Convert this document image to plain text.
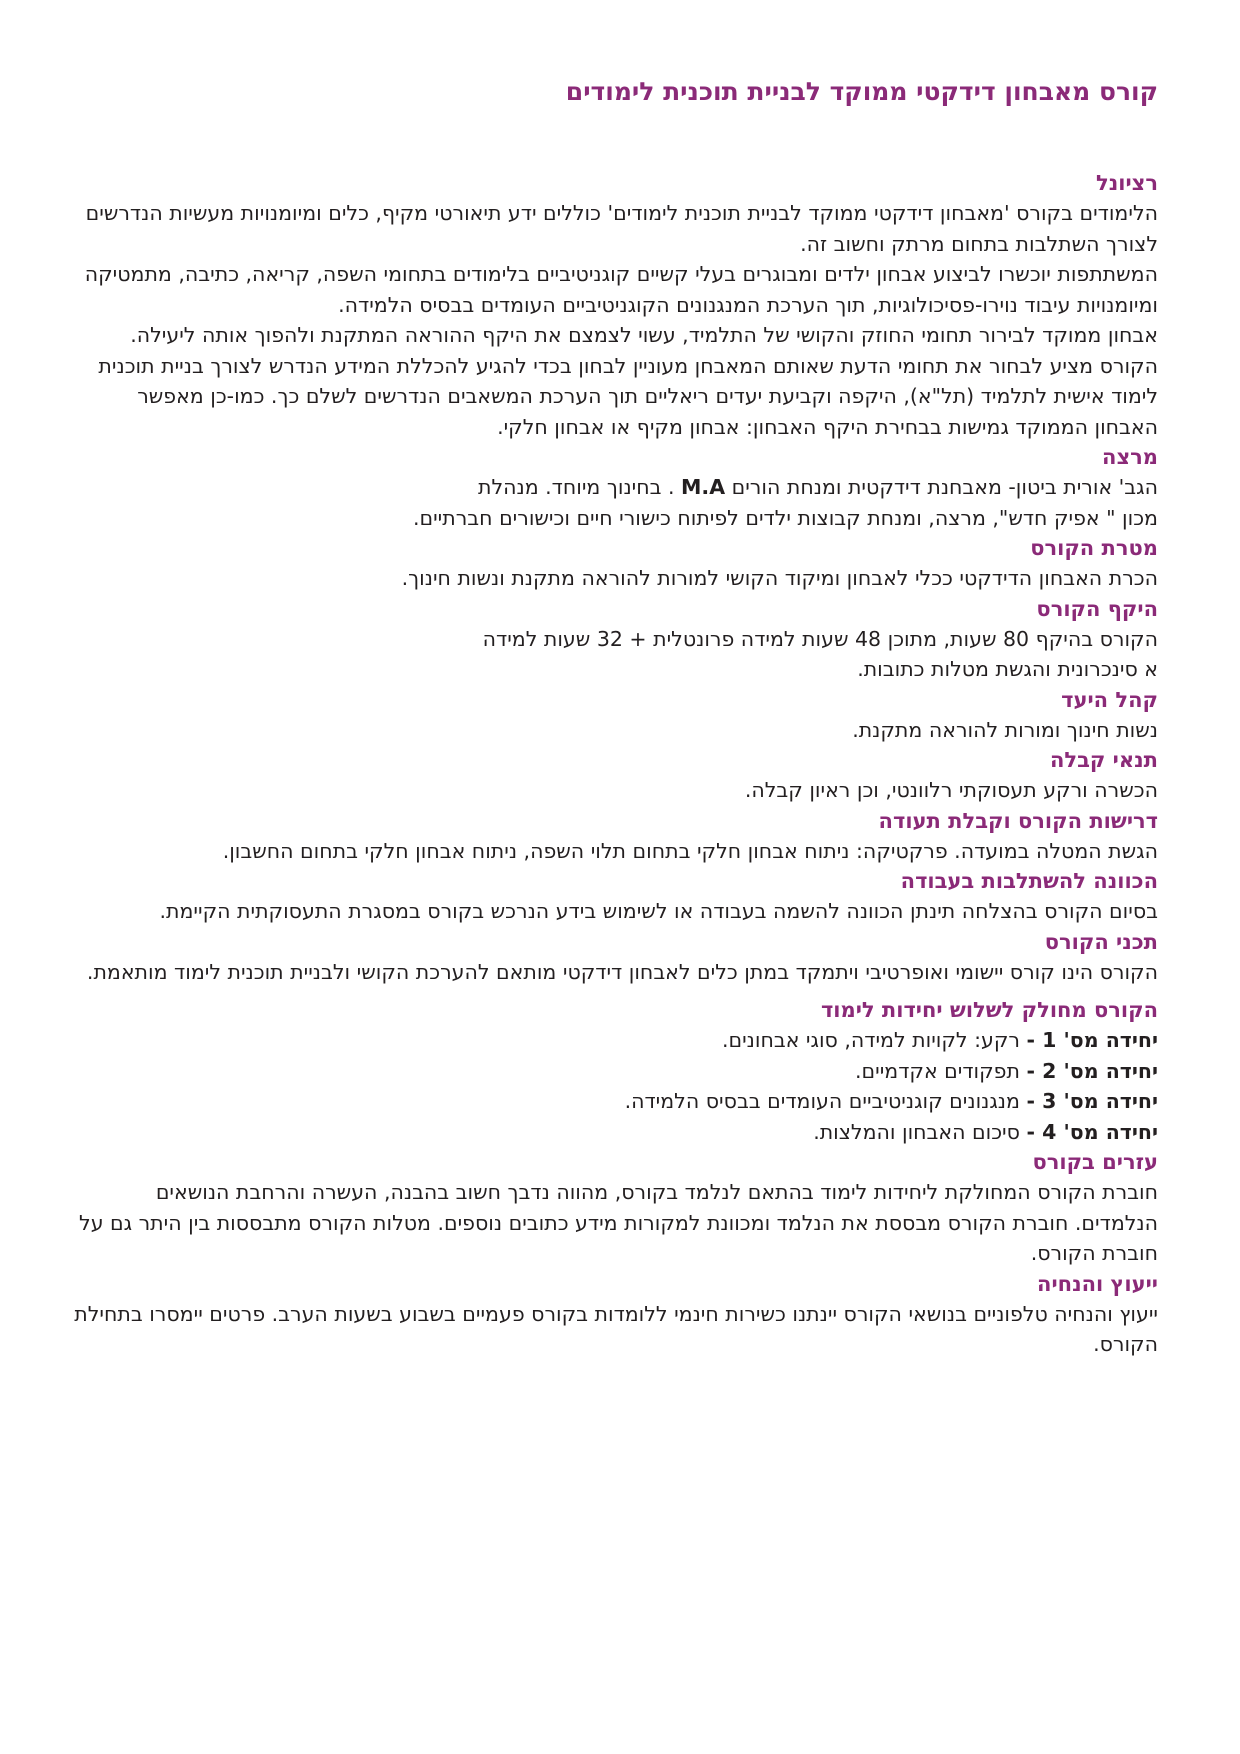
קורס מאבחון דידקטי ממוקד לבניית תוכנית לימודים
רציונל

הלימודים בקורס 'מאבחון דידקטי ממוקד לבניית תוכנית לימודים' כוללים ידע תיאורטי מקיף, כלים ומיומנויות מעשיות הנדרשים לצורך השתלבות בתחום מרתק וחשוב זה.

המשתתפות יוכשרו לביצוע אבחון ילדים ומבוגרים בעלי קשיים קוגניטיביים בלימודים בתחומי השפה, קריאה, כתיבה, מתמטיקה ומיומנויות עיבוד נוירו-פסיכולוגיות, תוך הערכת המנגנונים הקוגניטיביים העומדים בבסיס הלמידה.

אבחון ממוקד לבירור תחומי החוזק והקושי של התלמיד, עשוי לצמצם את היקף ההוראה המתקנת ולהפוך אותה ליעילה. הקורס מציע לבחור את תחומי הדעת שאותם המאבחן מעוניין לבחון בכדי להגיע להכללת המידע הנדרש לצורך בניית תוכנית לימוד אישית לתלמיד (תל"א), היקפה וקביעת יעדים ריאליים תוך הערכת המשאבים הנדרשים לשלם כך. כמו-כן מאפשר האבחון הממוקד גמישות בבחירת היקף האבחון: אבחון מקיף או אבחון חלקי.

מרצה

הגב' אורית ביטון- מאבחנת דידקטית ומנחת הורים M.A . בחינוך מיוחד. מנהלת

מכון " אפיק חדש", מרצה, ומנחת קבוצות ילדים לפיתוח כישורי חיים וכישורים חברתיים.

מטרת הקורס

הכרת האבחון הדידקטי ככלי לאבחון ומיקוד הקושי למורות להוראה מתקנת ונשות חינוך.

היקף הקורס

הקורס בהיקף 80 שעות, מתוכן 48 שעות למידה פרונטלית + 32 שעות למידה

א סינכרונית והגשת מטלות כתובות.

קהל היעד

נשות חינוך ומורות להוראה מתקנת.

תנאי קבלה

הכשרה ורקע תעסוקתי רלוונטי, וכן ראיון קבלה.

דרישות הקורס וקבלת תעודה

הגשת המטלה במועדה. פרקטיקה: ניתוח אבחון חלקי בתחום תלוי השפה, ניתוח אבחון חלקי בתחום החשבון.

הכוונה להשתלבות בעבודה

בסיום הקורס בהצלחה תינתן הכוונה להשמה בעבודה או לשימוש בידע הנרכש בקורס במסגרת התעסוקתית הקיימת.

תכני הקורס

הקורס הינו קורס יישומי ואופרטיבי ויתמקד במתן כלים לאבחון דידקטי מותאם להערכת הקושי ולבניית תוכנית לימוד מותאמת.

הקורס מחולק לשלוש יחידות לימוד

יחידה מס' 1 - רקע: לקויות למידה, סוגי אבחונים.

יחידה מס' 2 - תפקודים אקדמיים.

יחידה מס' 3 - מנגנונים קוגניטיביים העומדים בבסיס הלמידה.

יחידה מס' 4 - סיכום האבחון והמלצות.

עזרים בקורס

חוברת הקורס המחולקת ליחידות לימוד בהתאם לנלמד בקורס, מהווה נדבך חשוב בהבנה, העשרה והרחבת הנושאים הנלמדים. חוברת הקורס מבססת את הנלמד ומכוונת למקורות מידע כתובים נוספים. מטלות הקורס מתבססות בין היתר גם על חוברת הקורס.

ייעוץ והנחיה

ייעוץ והנחיה טלפוניים בנושאי הקורס יינתנו כשירות חינמי ללומדות בקורס פעמיים בשבוע בשעות הערב. פרטים יימסרו בתחילת הקורס.
